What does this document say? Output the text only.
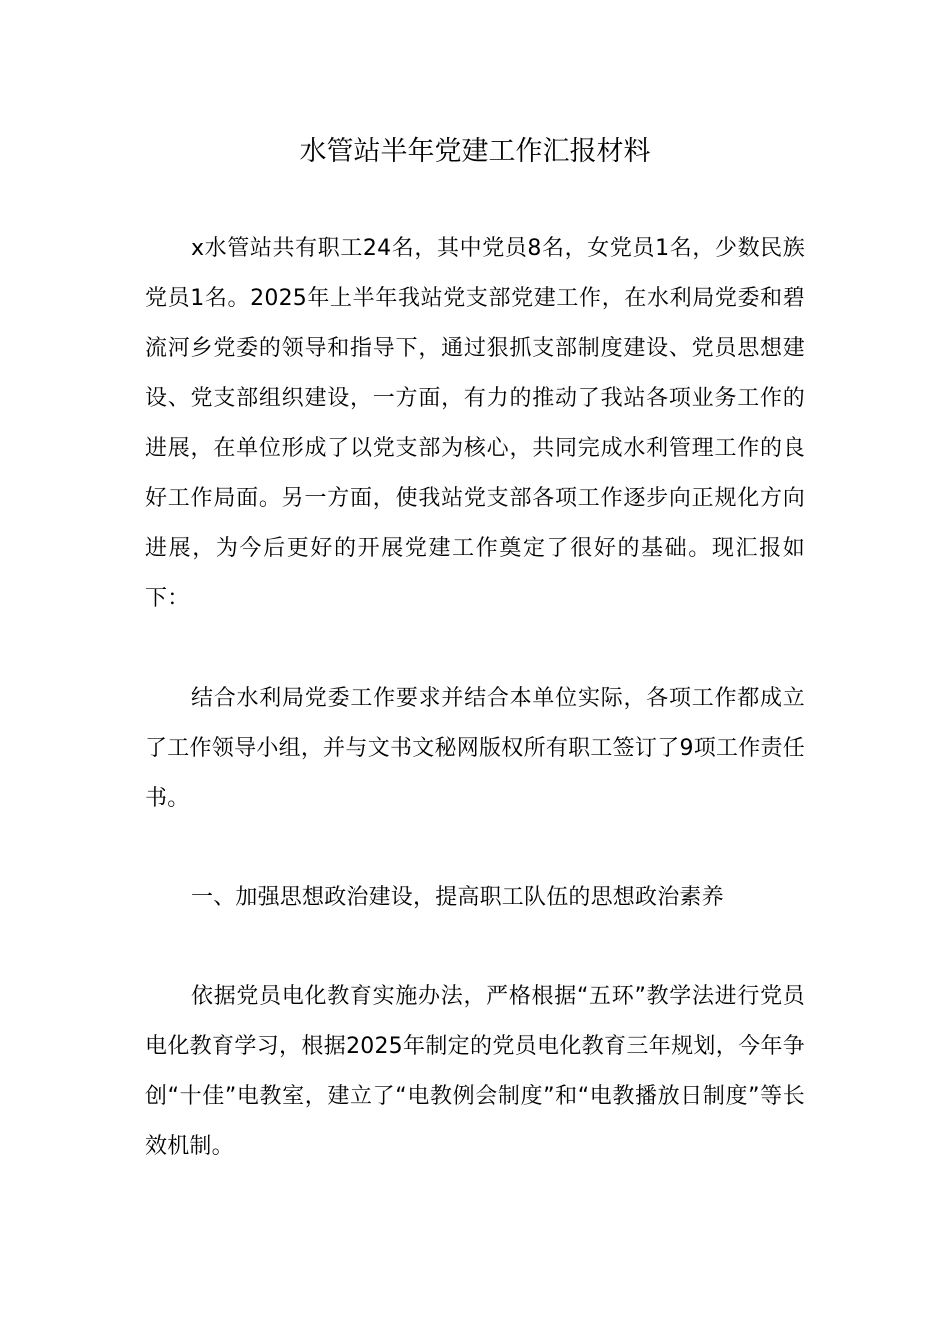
水管站半年党建工作汇报材料

x水管站共有职工24名，其中党员8名，女党员1名，少数民族党员1名。2025年上半年我站党支部党建工作，在水利局党委和碧流河乡党委的领导和指导下，通过狠抓支部制度建设、党员思想建设、党支部组织建设，一方面，有力的推动了我站各项业务工作的进展，在单位形成了以党支部为核心，共同完成水利管理工作的良好工作局面。另一方面，使我站党支部各项工作逐步向正规化方向进展，为今后更好的开展党建工作奠定了很好的基础。现汇报如下：

结合水利局党委工作要求并结合本单位实际，各项工作都成立了工作领导小组，并与文书文秘网版权所有职工签订了9项工作责任书。

一、加强思想政治建设，提高职工队伍的思想政治素养

依据党员电化教育实施办法，严格根据“五环”教学法进行党员电化教育学习，根据2025年制定的党员电化教育三年规划，今年争创“十佳”电教室，建立了“电教例会制度”和“电教播放日制度”等长效机制。
